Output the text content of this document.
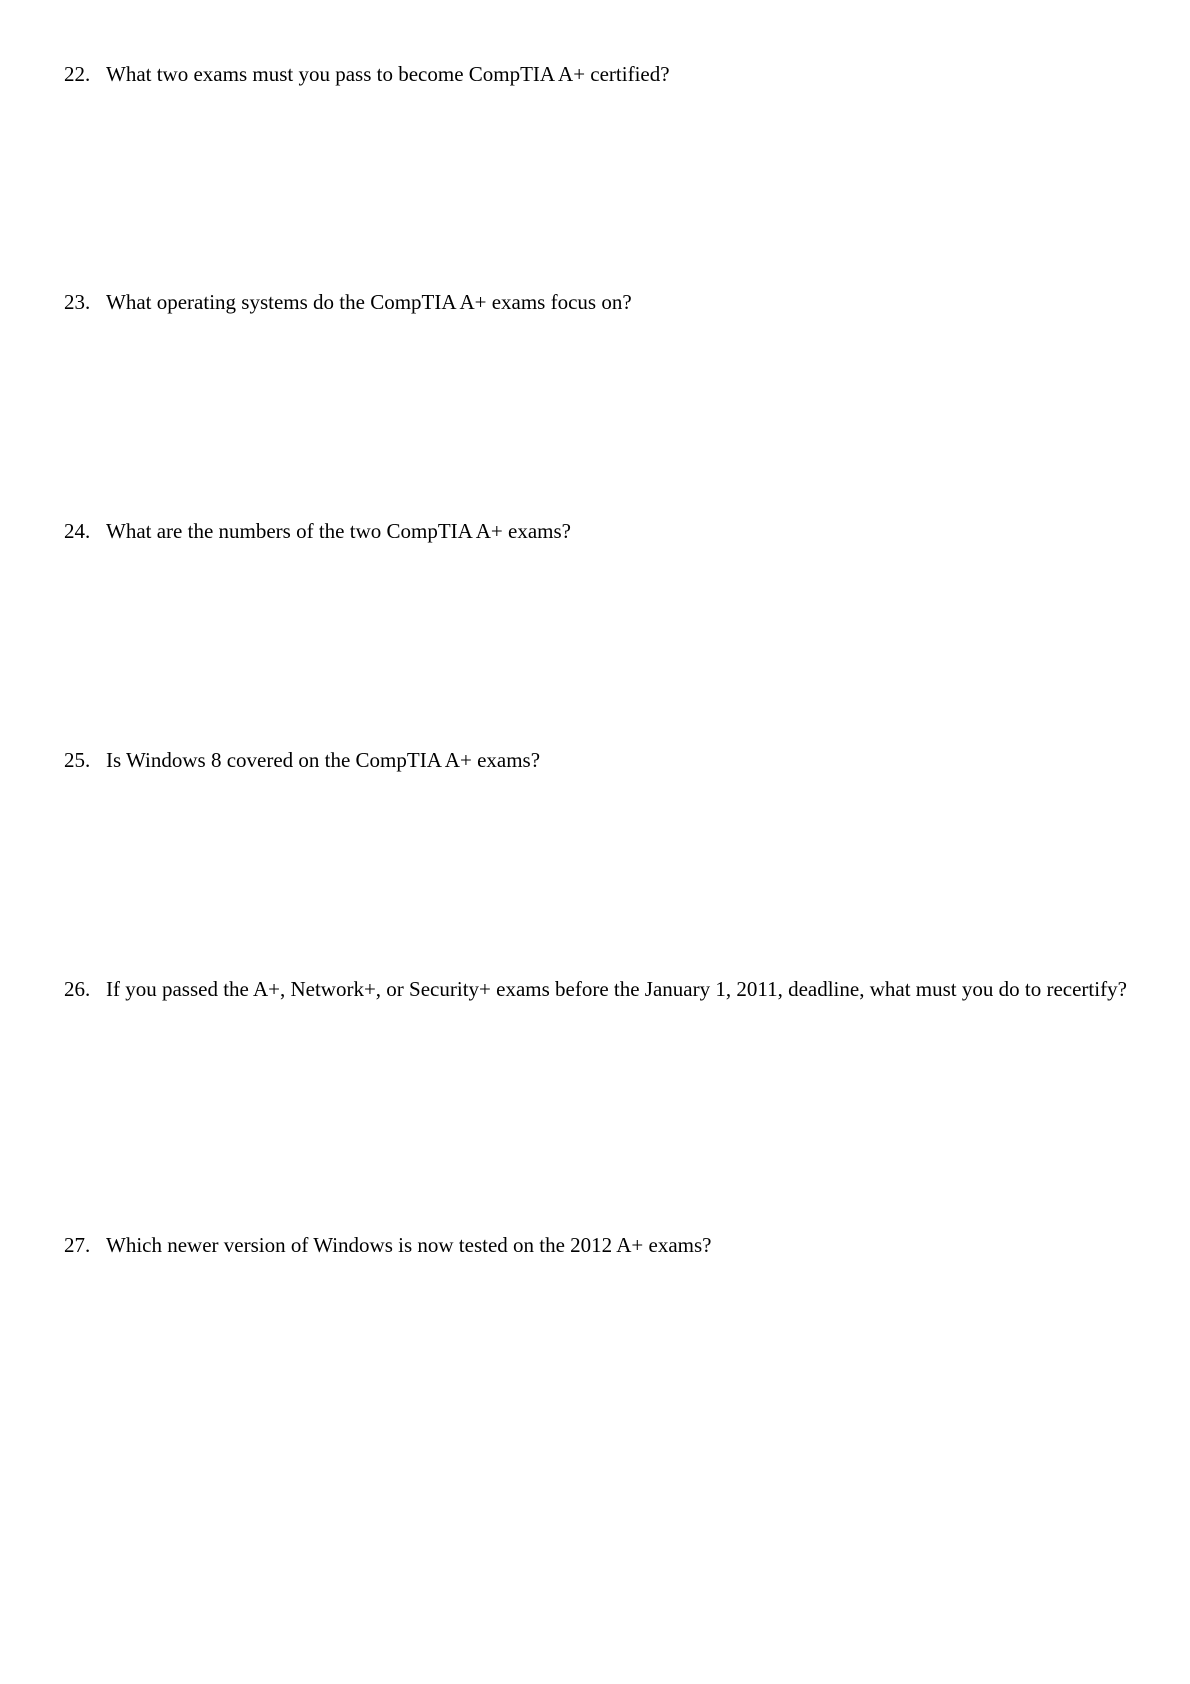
22. What two exams must you pass to become CompTIA A+ certified?
23. What operating systems do the CompTIA A+ exams focus on?
24. What are the numbers of the two CompTIA A+ exams?
25. Is Windows 8 covered on the CompTIA A+ exams?
26. If you passed the A+, Network+, or Security+ exams before the January 1, 2011, deadline, what must you do to recertify?
27. Which newer version of Windows is now tested on the 2012 A+ exams?
